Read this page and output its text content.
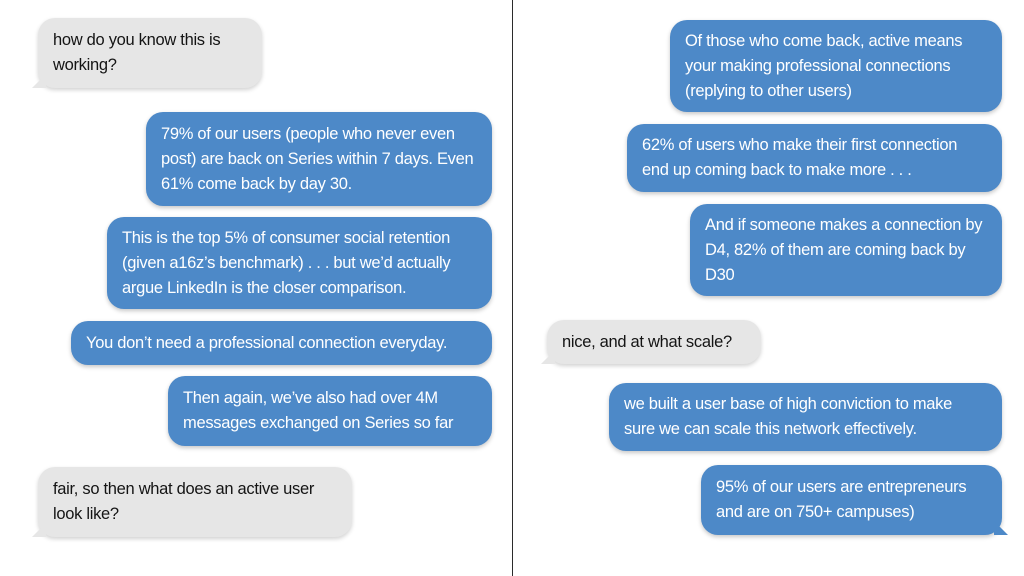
how do you know this is working?
79% of our users (people who never even post) are back on Series within 7 days. Even 61% come back by day 30.
This is the top 5% of consumer social retention (given a16z’s benchmark) . . . but we’d actually argue LinkedIn is the closer comparison.
You don’t need a professional connection everyday.
Then again, we’ve also had over 4M messages exchanged on Series so far
fair, so then what does an active user look like?
Of those who come back, active means your making professional connections (replying to other users)
62% of users who make their first connection end up coming back to make more . . .
And if someone makes a connection by D4, 82% of them are coming back by D30
nice, and at what scale?
we built a user base of high conviction to make sure we can scale this network effectively.
95% of our users are entrepreneurs and are on 750+ campuses)
